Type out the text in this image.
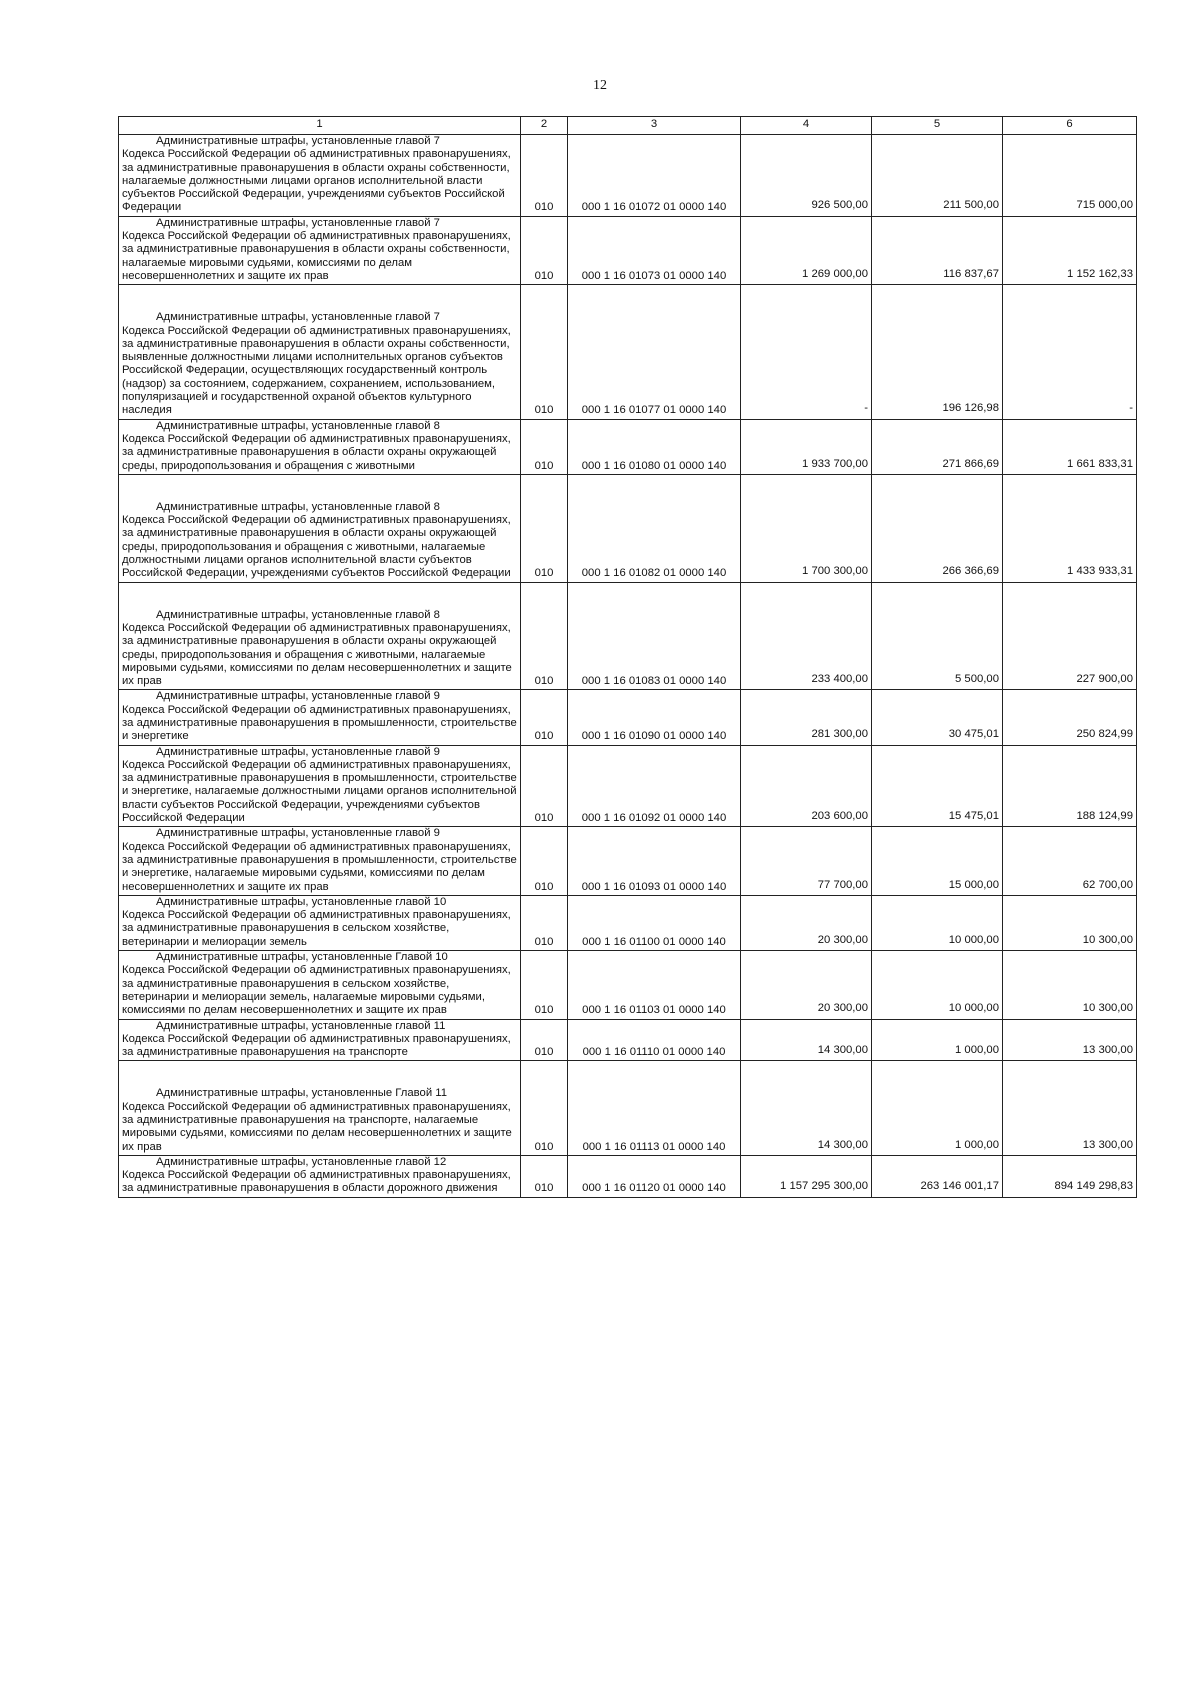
12
1	2	3	4	5	6

Административные штрафы, установленные главой 7
Кодекса Российской Федерации об административных правонарушениях, за административные правонарушения в области охраны собственности, налагаемые должностными лицами органов исполнительной власти субъектов Российской Федерации, учреждениями субъектов Российской Федерации	010	000 1 16 01072 01 0000 140	926 500,00	211 500,00	715 000,00

Административные штрафы, установленные главой 7
Кодекса Российской Федерации об административных правонарушениях, за административные правонарушения в области охраны собственности, налагаемые мировыми судьями, комиссиями по делам несовершеннолетних и защите их прав	010	000 1 16 01073 01 0000 140	1 269 000,00	116 837,67	1 152 162,33

Административные штрафы, установленные главой 7
Кодекса Российской Федерации об административных правонарушениях, за административные правонарушения в области охраны собственности, выявленные должностными лицами исполнительных органов субъектов Российской Федерации, осуществляющих государственный контроль (надзор) за состоянием, содержанием, сохранением, использованием, популяризацией и государственной охраной объектов культурного наследия	010	000 1 16 01077 01 0000 140	-	196 126,98	-

Административные штрафы, установленные главой 8
Кодекса Российской Федерации об административных правонарушениях, за административные правонарушения в области охраны окружающей среды, природопользования и обращения с животными	010	000 1 16 01080 01 0000 140	1 933 700,00	271 866,69	1 661 833,31

Административные штрафы, установленные главой 8
Кодекса Российской Федерации об административных правонарушениях, за административные правонарушения в области охраны окружающей среды, природопользования и обращения с животными, налагаемые должностными лицами органов исполнительной власти субъектов Российской Федерации, учреждениями субъектов Российской Федерации	010	000 1 16 01082 01 0000 140	1 700 300,00	266 366,69	1 433 933,31

Административные штрафы, установленные главой 8
Кодекса Российской Федерации об административных правонарушениях, за административные правонарушения в области охраны окружающей среды, природопользования и обращения с животными, налагаемые мировыми судьями, комиссиями по делам несовершеннолетних и защите их прав	010	000 1 16 01083 01 0000 140	233 400,00	5 500,00	227 900,00

Административные штрафы, установленные главой 9
Кодекса Российской Федерации об административных правонарушениях, за административные правонарушения в промышленности, строительстве и энергетике	010	000 1 16 01090 01 0000 140	281 300,00	30 475,01	250 824,99

Административные штрафы, установленные главой 9
Кодекса Российской Федерации об административных правонарушениях, за административные правонарушения в промышленности, строительстве и энергетике, налагаемые должностными лицами органов исполнительной власти субъектов Российской Федерации, учреждениями субъектов Российской Федерации	010	000 1 16 01092 01 0000 140	203 600,00	15 475,01	188 124,99

Административные штрафы, установленные главой 9
Кодекса Российской Федерации об административных правонарушениях, за административные правонарушения в промышленности, строительстве и энергетике, налагаемые мировыми судьями, комиссиями по делам несовершеннолетних и защите их прав	010	000 1 16 01093 01 0000 140	77 700,00	15 000,00	62 700,00

Административные штрафы, установленные главой 10
Кодекса Российской Федерации об административных правонарушениях, за административные правонарушения в сельском хозяйстве, ветеринарии и мелиорации земель	010	000 1 16 01100 01 0000 140	20 300,00	10 000,00	10 300,00

Административные штрафы, установленные Главой 10
Кодекса Российской Федерации об административных правонарушениях, за административные правонарушения в сельском хозяйстве, ветеринарии и мелиорации земель, налагаемые мировыми судьями, комиссиями по делам несовершеннолетних и защите их прав	010	000 1 16 01103 01 0000 140	20 300,00	10 000,00	10 300,00

Административные штрафы, установленные главой 11
Кодекса Российской Федерации об административных правонарушениях, за административные правонарушения на транспорте	010	000 1 16 01110 01 0000 140	14 300,00	1 000,00	13 300,00

Административные штрафы, установленные Главой 11
Кодекса Российской Федерации об административных правонарушениях, за административные правонарушения на транспорте, налагаемые мировыми судьями, комиссиями по делам несовершеннолетних и защите их прав	010	000 1 16 01113 01 0000 140	14 300,00	1 000,00	13 300,00

Административные штрафы, установленные главой 12
Кодекса Российской Федерации об административных правонарушениях, за административные правонарушения в области дорожного движения	010	000 1 16 01120 01 0000 140	1 157 295 300,00	263 146 001,17	894 149 298,83
